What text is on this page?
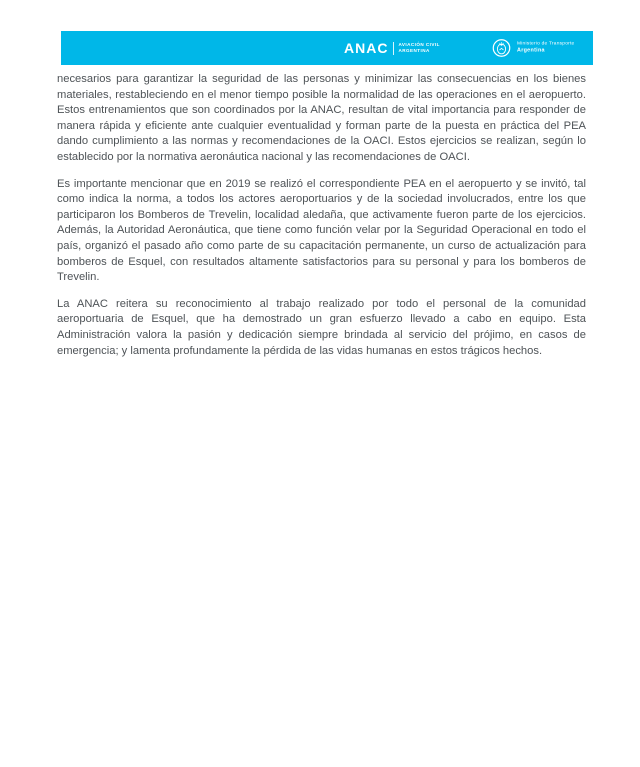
ANAC AVIACIÓN CIVIL
ARGENTINA
Ministerio de Transporte
Argentina

necesarios para garantizar la seguridad de las personas y minimizar las consecuencias en los bienes materiales, restableciendo en el menor tiempo posible la normalidad de las operaciones en el aeropuerto. Estos entrenamientos que son coordinados por la ANAC, resultan de vital importancia para responder de manera rápida y eficiente ante cualquier eventualidad y forman parte de la puesta en práctica del PEA dando cumplimiento a las normas y recomendaciones de la OACI. Estos ejercicios se realizan, según lo establecido por la normativa aeronáutica nacional y las recomendaciones de OACI.

Es importante mencionar que en 2019 se realizó el correspondiente PEA en el aeropuerto y se invitó, tal como indica la norma, a todos los actores aeroportuarios y de la sociedad involucrados, entre los que participaron los Bomberos de Trevelin, localidad aledaña, que activamente fueron parte de los ejercicios. Además, la Autoridad Aeronáutica, que tiene como función velar por la Seguridad Operacional en todo el país, organizó el pasado año como parte de su capacitación permanente, un curso de actualización para bomberos de Esquel, con resultados altamente satisfactorios para su personal y para los bomberos de Trevelin.

La ANAC reitera su reconocimiento al trabajo realizado por todo el personal de la comunidad aeroportuaria de Esquel, que ha demostrado un gran esfuerzo llevado a cabo en equipo. Esta Administración valora la pasión y dedicación siempre brindada al servicio del prójimo, en casos de emergencia; y lamenta profundamente la pérdida de las vidas humanas en estos trágicos hechos.
